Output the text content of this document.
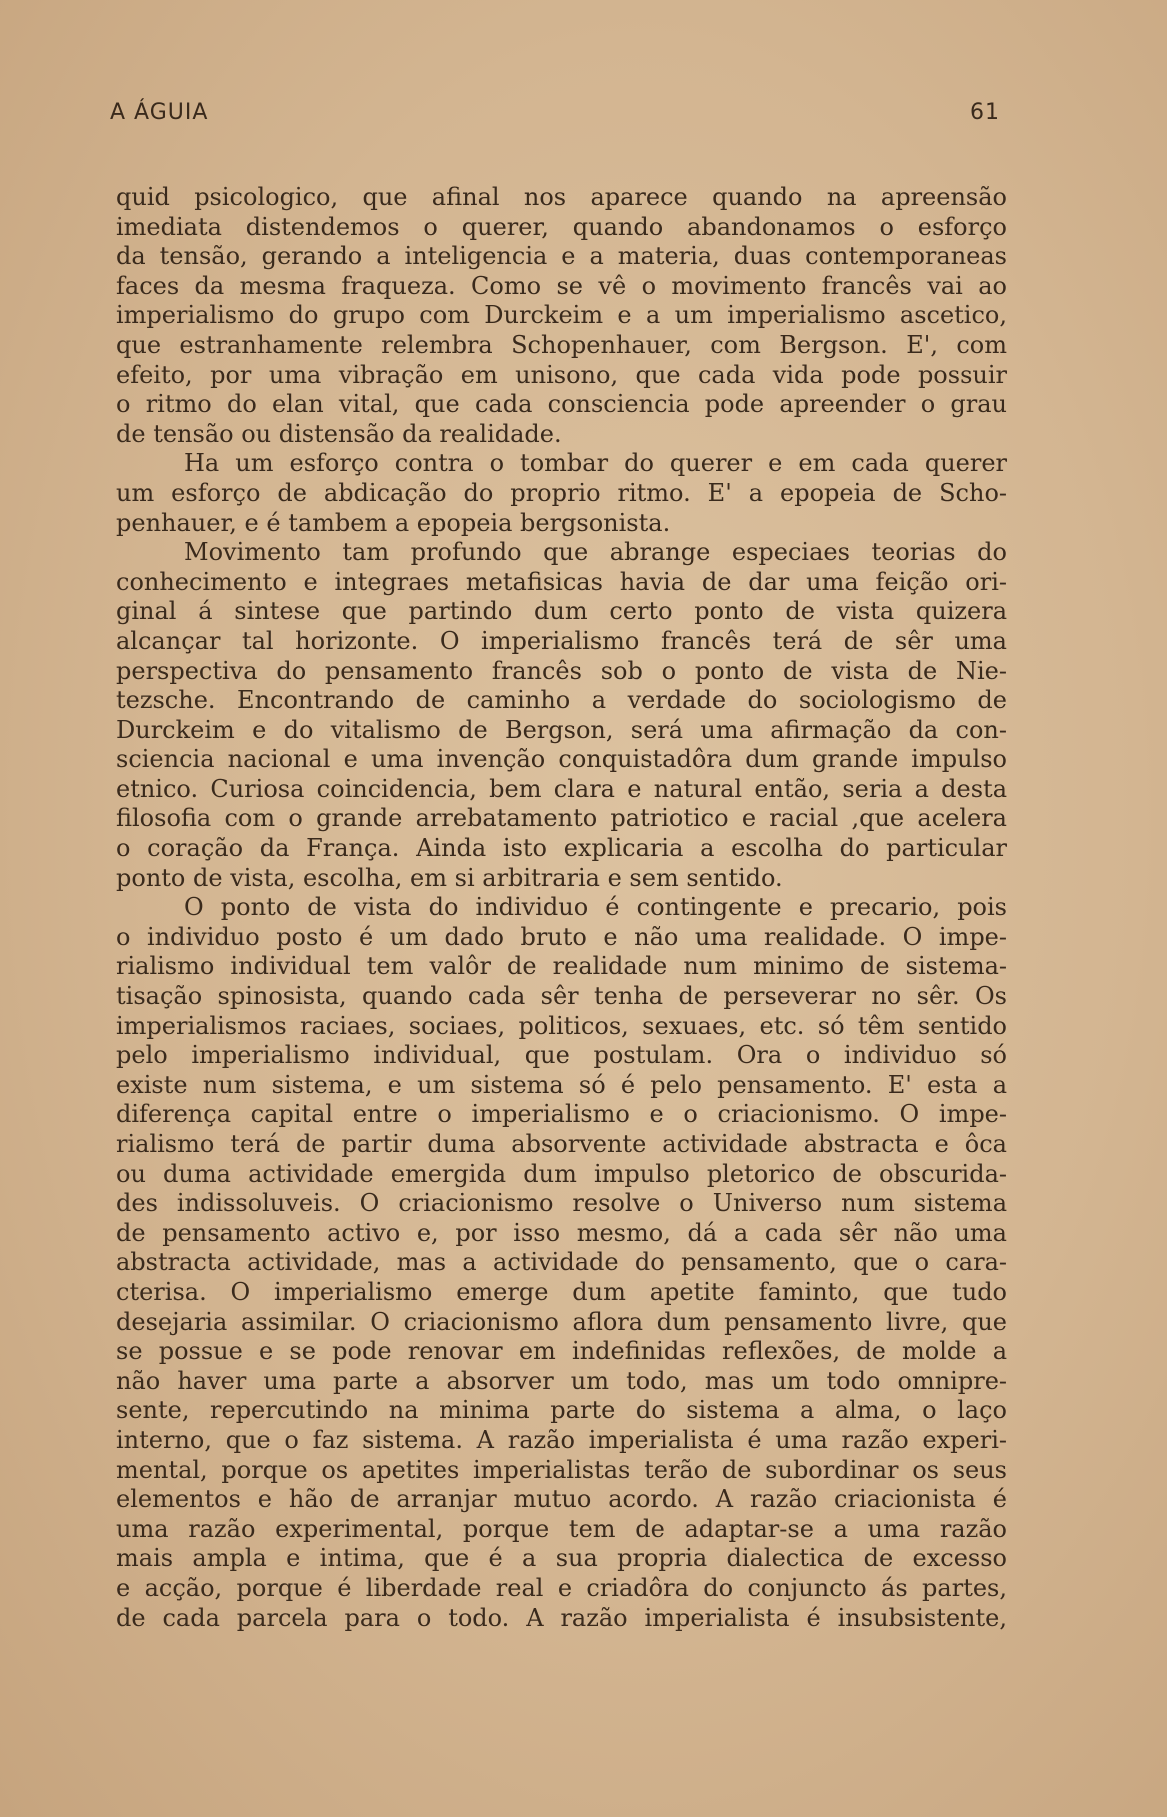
A ÁGUIA	61
quid psicologico, que afinal nos aparece quando na apreensão
imediata distendemos o querer, quando abandonamos o esforço
da tensão, gerando a inteligencia e a materia, duas contemporaneas
faces da mesma fraqueza. Como se vê o movimento francês vai ao
imperialismo do grupo com Durckeim e a um imperialismo ascetico,
que estranhamente relembra Schopenhauer, com Bergson. E', com
efeito, por uma vibração em unisono, que cada vida pode possuir
o ritmo do elan vital, que cada consciencia pode apreender o grau
de tensão ou distensão da realidade.
Ha um esforço contra o tombar do querer e em cada querer
um esforço de abdicação do proprio ritmo. E' a epopeia de Scho-
penhauer, e é tambem a epopeia bergsonista.
Movimento tam profundo que abrange especiaes teorias do
conhecimento e integraes metafisicas havia de dar uma feição ori-
ginal á sintese que partindo dum certo ponto de vista quizera
alcançar tal horizonte. O imperialismo francês terá de sêr uma
perspectiva do pensamento francês sob o ponto de vista de Nie-
tezsche. Encontrando de caminho a verdade do sociologismo de
Durckeim e do vitalismo de Bergson, será uma afirmação da con-
sciencia nacional e uma invenção conquistadôra dum grande impulso
etnico. Curiosa coincidencia, bem clara e natural então, seria a desta
filosofia com o grande arrebatamento patriotico e racial ,que acelera
o coração da França. Ainda isto explicaria a escolha do particular
ponto de vista, escolha, em si arbitraria e sem sentido.
O ponto de vista do individuo é contingente e precario, pois
o individuo posto é um dado bruto e não uma realidade. O impe-
rialismo individual tem valôr de realidade num minimo de sistema-
tisação spinosista, quando cada sêr tenha de perseverar no sêr. Os
imperialismos raciaes, sociaes, politicos, sexuaes, etc. só têm sentido
pelo imperialismo individual, que postulam. Ora o individuo só
existe num sistema, e um sistema só é pelo pensamento. E' esta a
diferença capital entre o imperialismo e o criacionismo. O impe-
rialismo terá de partir duma absorvente actividade abstracta e ôca
ou duma actividade emergida dum impulso pletorico de obscurida-
des indissoluveis. O criacionismo resolve o Universo num sistema
de pensamento activo e, por isso mesmo, dá a cada sêr não uma
abstracta actividade, mas a actividade do pensamento, que o cara-
cterisa. O imperialismo emerge dum apetite faminto, que tudo
desejaria assimilar. O criacionismo aflora dum pensamento livre, que
se possue e se pode renovar em indefinidas reflexões, de molde a
não haver uma parte a absorver um todo, mas um todo omnipre-
sente, repercutindo na minima parte do sistema a alma, o laço
interno, que o faz sistema. A razão imperialista é uma razão experi-
mental, porque os apetites imperialistas terão de subordinar os seus
elementos e hão de arranjar mutuo acordo. A razão criacionista é
uma razão experimental, porque tem de adaptar-se a uma razão
mais ampla e intima, que é a sua propria dialectica de excesso
e acção, porque é liberdade real e criadôra do conjuncto ás partes,
de cada parcela para o todo. A razão imperialista é insubsistente,
